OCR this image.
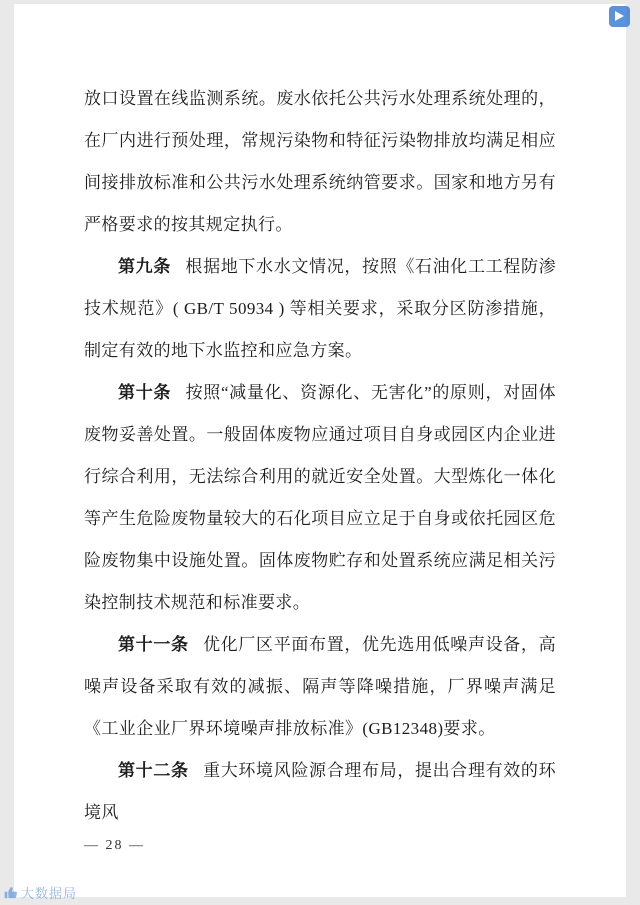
放口设置在线监测系统。废水依托公共污水处理系统处理的，在厂内进行预处理，常规污染物和特征污染物排放均满足相应间接排放标准和公共污水处理系统纳管要求。国家和地方另有严格要求的按其规定执行。

第九条 根据地下水水文情况，按照《石油化工工程防渗技术规范》( GB/T 50934 ) 等相关要求，采取分区防渗措施，制定有效的地下水监控和应急方案。

第十条 按照“减量化、资源化、无害化”的原则，对固体废物妥善处置。一般固体废物应通过项目自身或园区内企业进行综合利用，无法综合利用的就近安全处置。大型炼化一体化等产生危险废物量较大的石化项目应立足于自身或依托园区危险废物集中设施处置。固体废物贮存和处置系统应满足相关污染控制技术规范和标准要求。

第十一条 优化厂区平面布置，优先选用低噪声设备，高噪声设备采取有效的减振、隔声等降噪措施，厂界噪声满足《工业企业厂界环境噪声排放标准》(GB12348)要求。

第十二条 重大环境风险源合理布局，提出合理有效的环境风

— 28 —
大数据局
